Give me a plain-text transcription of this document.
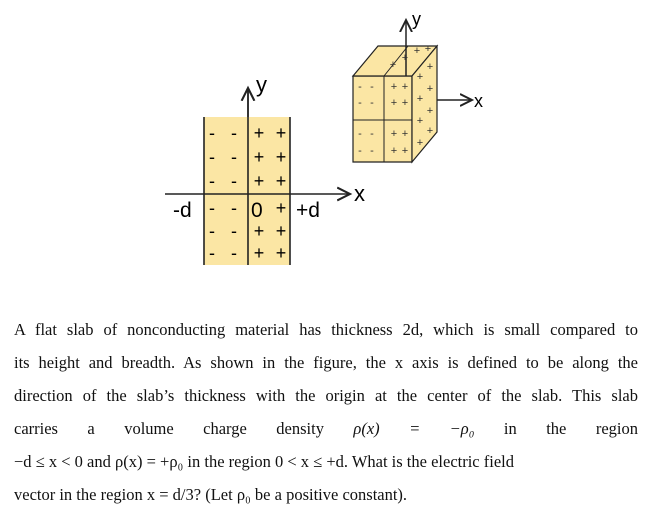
y
x
-d	+d
0
- -
- -
- -
- -
- -
- -
+ +
+ +
+ +
+
+ +
+ +
y
x
- -
- -
- -
- -
+ +
+ +
+ +
+ +
+
+
+ +
+
+
+
+
+
+
+
+
A flat slab of nonconducting material has thickness 2d, which is small compared to
its height and breadth. As shown in the figure, the x axis is defined to be along the
direction of the slab’s thickness with the origin at the center of the slab. This slab
carries a volume charge density ρ(x) = −ρ₀ in the region
−d ≤ x < 0 and ρ(x) = +ρ₀ in the region 0 < x ≤ +d. What is the electric field
vector in the region x = d/3? (Let ρ₀ be a positive constant).
